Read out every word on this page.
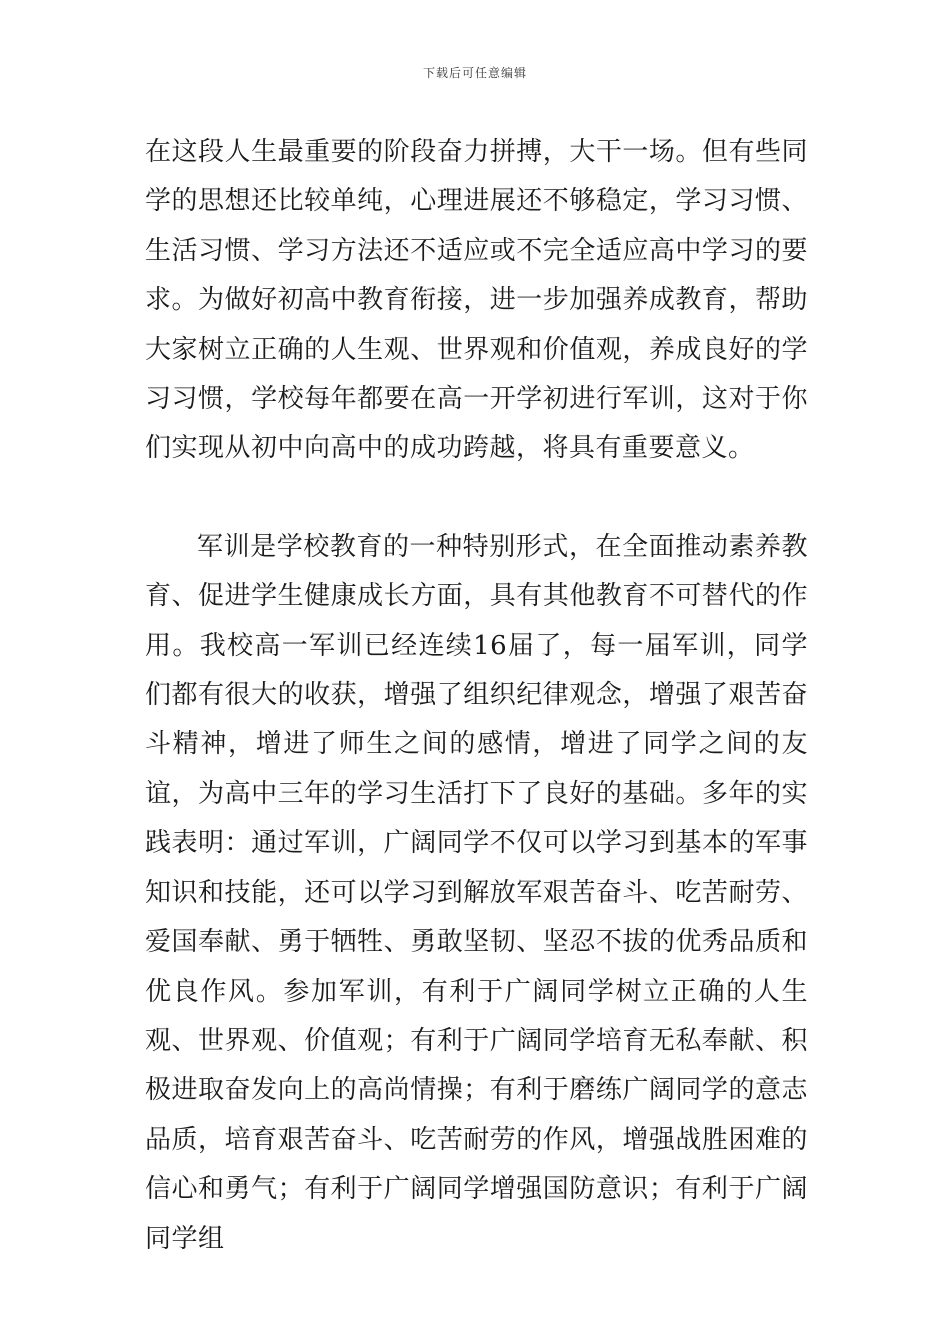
下载后可任意编辑

在这段人生最重要的阶段奋力拼搏，大干一场。但有些同学的思想还比较单纯，心理进展还不够稳定，学习习惯、生活习惯、学习方法还不适应或不完全适应高中学习的要求。为做好初高中教育衔接，进一步加强养成教育，帮助大家树立正确的人生观、世界观和价值观，养成良好的学习习惯，学校每年都要在高一开学初进行军训，这对于你们实现从初中向高中的成功跨越，将具有重要意义。

军训是学校教育的一种特别形式，在全面推动素养教育、促进学生健康成长方面，具有其他教育不可替代的作用。我校高一军训已经连续16届了，每一届军训，同学们都有很大的收获，增强了组织纪律观念，增强了艰苦奋斗精神，增进了师生之间的感情，增进了同学之间的友谊，为高中三年的学习生活打下了良好的基础。多年的实践表明：通过军训，广阔同学不仅可以学习到基本的军事知识和技能，还可以学习到解放军艰苦奋斗、吃苦耐劳、爱国奉献、勇于牺牲、勇敢坚韧、坚忍不拔的优秀品质和优良作风。参加军训，有利于广阔同学树立正确的人生观、世界观、价值观；有利于广阔同学培育无私奉献、积极进取奋发向上的高尚情操；有利于磨练广阔同学的意志品质，培育艰苦奋斗、吃苦耐劳的作风，增强战胜困难的信心和勇气；有利于广阔同学增强国防意识；有利于广阔同学组
